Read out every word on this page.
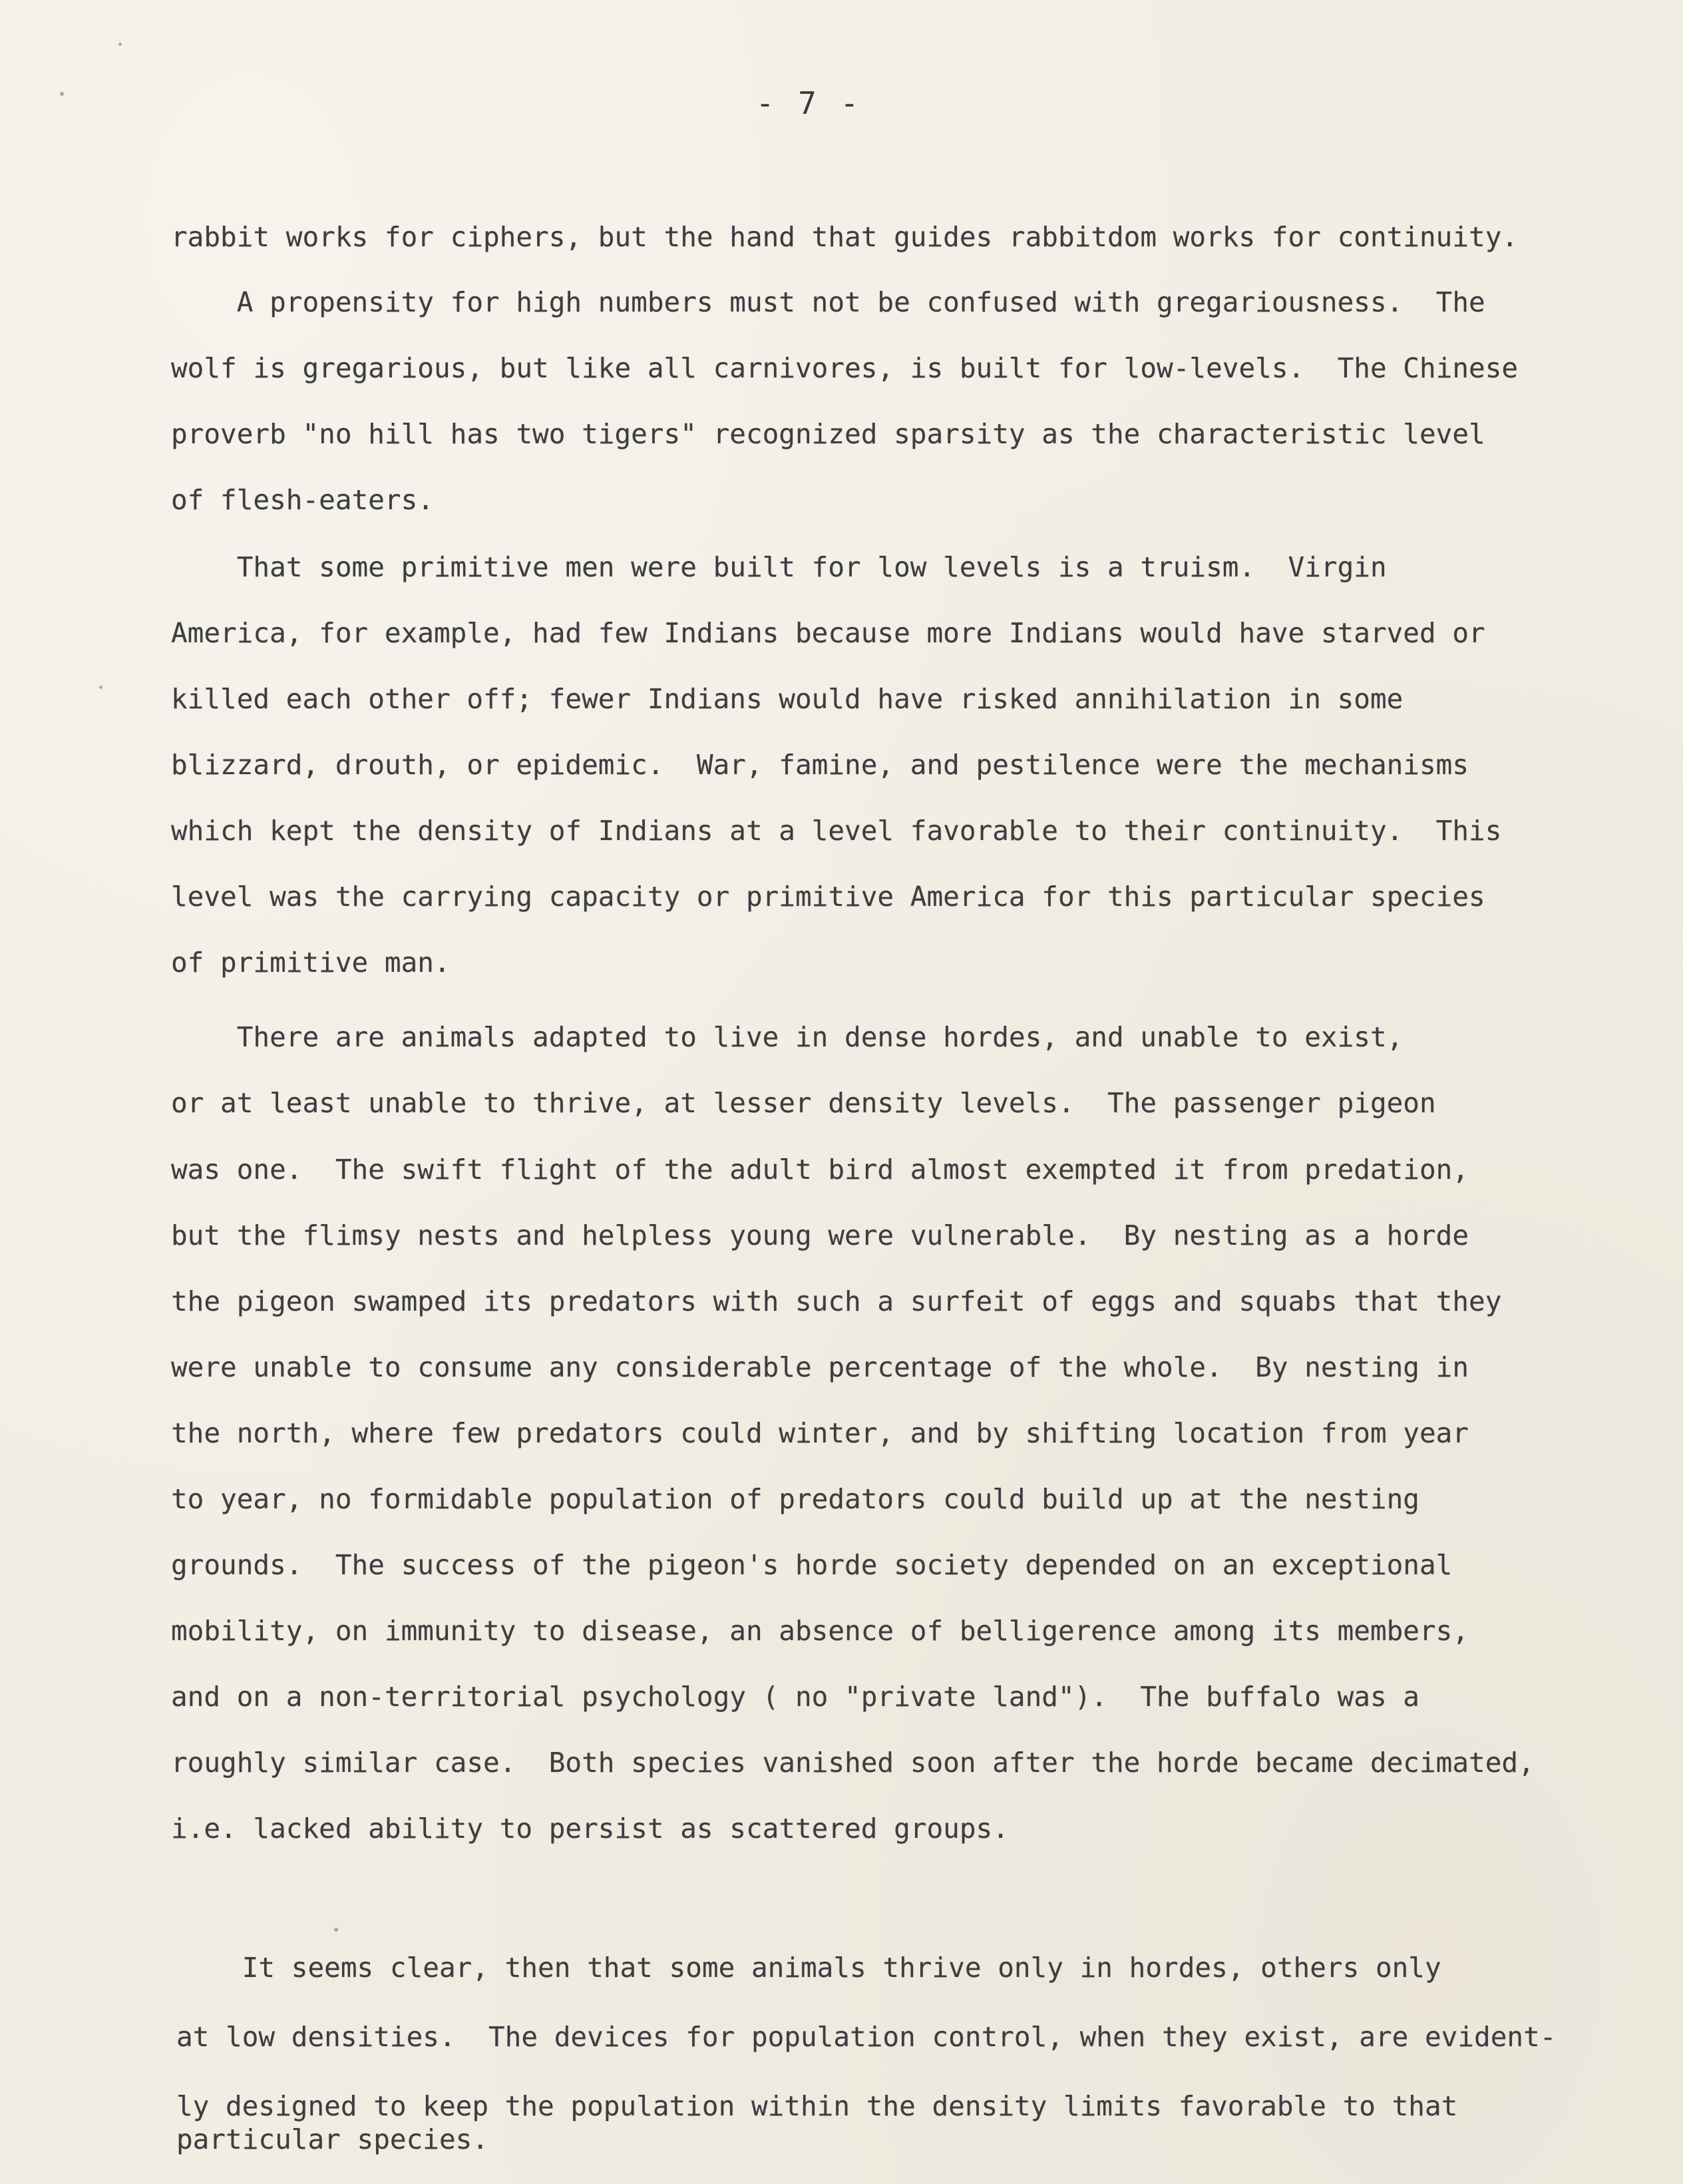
- 7 -
rabbit works for ciphers, but the hand that guides rabbitdom works for continuity.
A propensity for high numbers must not be confused with gregariousness.  The
wolf is gregarious, but like all carnivores, is built for low-levels.  The Chinese
proverb "no hill has two tigers" recognized sparsity as the characteristic level
of flesh-eaters.
That some primitive men were built for low levels is a truism.  Virgin
America, for example, had few Indians because more Indians would have starved or
killed each other off; fewer Indians would have risked annihilation in some
blizzard, drouth, or epidemic.  War, famine, and pestilence were the mechanisms
which kept the density of Indians at a level favorable to their continuity.  This
level was the carrying capacity or primitive America for this particular species
of primitive man.
There are animals adapted to live in dense hordes, and unable to exist,
or at least unable to thrive, at lesser density levels.  The passenger pigeon
was one.  The swift flight of the adult bird almost exempted it from predation,
but the flimsy nests and helpless young were vulnerable.  By nesting as a horde
the pigeon swamped its predators with such a surfeit of eggs and squabs that they
were unable to consume any considerable percentage of the whole.  By nesting in
the north, where few predators could winter, and by shifting location from year
to year, no formidable population of predators could build up at the nesting
grounds.  The success of the pigeon's horde society depended on an exceptional
mobility, on immunity to disease, an absence of belligerence among its members,
and on a non-territorial psychology ( no "private land").  The buffalo was a
roughly similar case.  Both species vanished soon after the horde became decimated,
i.e. lacked ability to persist as scattered groups.
It seems clear, then that some animals thrive only in hordes, others only
at low densities.  The devices for population control, when they exist, are evident-
ly designed to keep the population within the density limits favorable to that
particular species.
